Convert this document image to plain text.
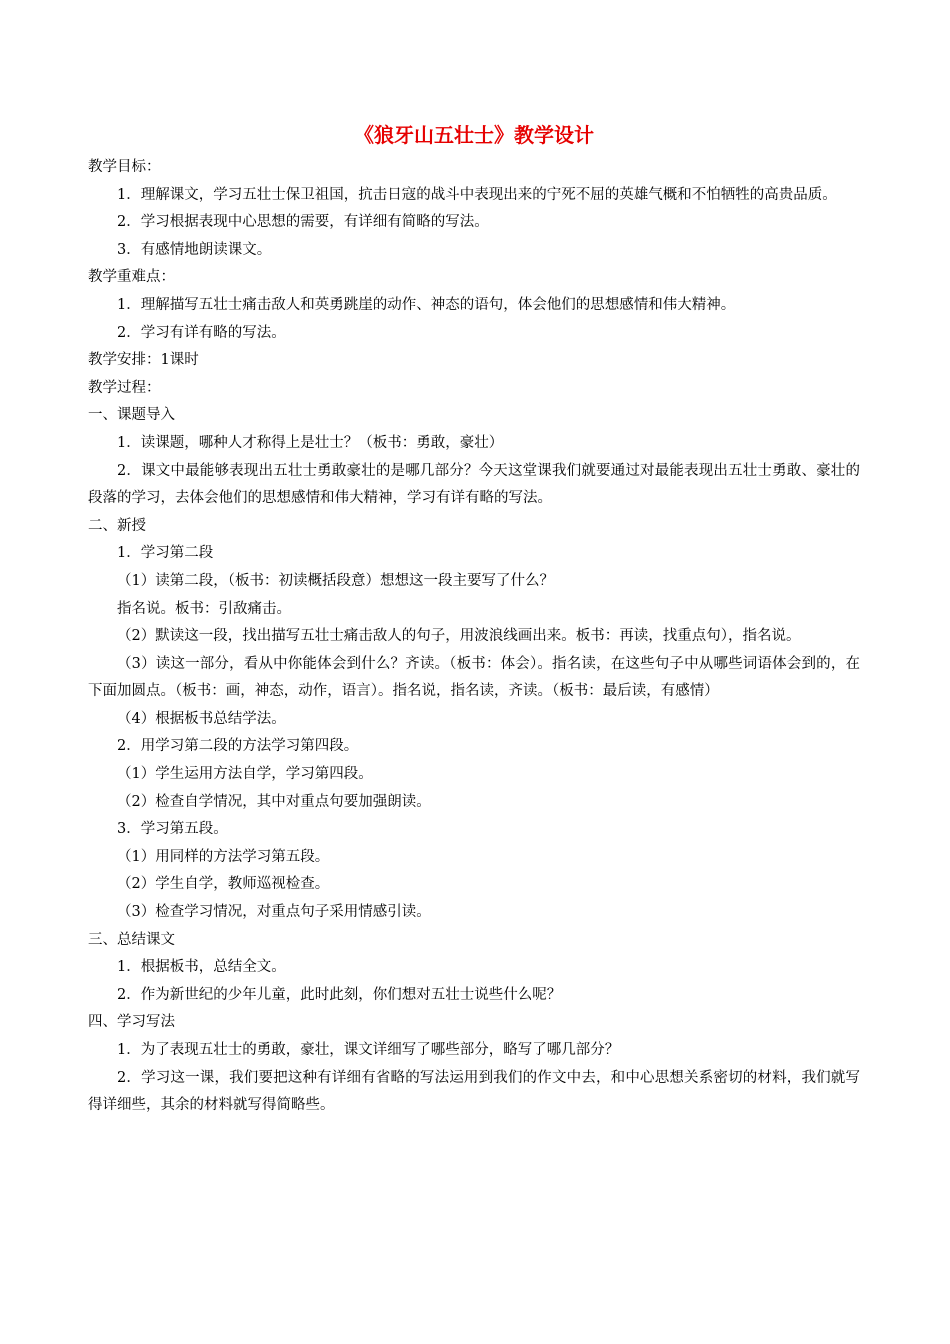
《狼牙山五壮士》教学设计

教学目标：

1．理解课文，学习五壮士保卫祖国，抗击日寇的战斗中表现出来的宁死不屈的英雄气概和不怕牺牲的高贵品质。

2．学习根据表现中心思想的需要，有详细有简略的写法。

3．有感情地朗读课文。

教学重难点：

1．理解描写五壮士痛击敌人和英勇跳崖的动作、神态的语句，体会他们的思想感情和伟大精神。

2．学习有详有略的写法。

教学安排：1课时

教学过程：

一、课题导入

1．读课题，哪种人才称得上是壮士？（板书：勇敢，豪壮）

2．课文中最能够表现出五壮士勇敢豪壮的是哪几部分？今天这堂课我们就要通过对最能表现出五壮士勇敢、豪壮的段落的学习，去体会他们的思想感情和伟大精神，学习有详有略的写法。

二、新授

1．学习第二段

（1）读第二段，（板书：初读概括段意）想想这一段主要写了什么？

指名说。板书：引敌痛击。

（2）默读这一段，找出描写五壮士痛击敌人的句子，用波浪线画出来。板书：再读，找重点句），指名说。

（3）读这一部分，看从中你能体会到什么？齐读。（板书：体会）。指名读，在这些句子中从哪些词语体会到的，在下面加圆点。（板书：画，神态，动作，语言）。指名说，指名读，齐读。（板书：最后读，有感情）

（4）根据板书总结学法。

2．用学习第二段的方法学习第四段。

（1）学生运用方法自学，学习第四段。

（2）检查自学情况，其中对重点句要加强朗读。

3．学习第五段。

（1）用同样的方法学习第五段。

（2）学生自学，教师巡视检查。

（3）检查学习情况，对重点句子采用情感引读。

三、总结课文

1．根据板书，总结全文。

2．作为新世纪的少年儿童，此时此刻，你们想对五壮士说些什么呢？

四、学习写法

1．为了表现五壮士的勇敢，豪壮，课文详细写了哪些部分，略写了哪几部分？

2．学习这一课，我们要把这种有详细有省略的写法运用到我们的作文中去，和中心思想关系密切的材料，我们就写得详细些，其余的材料就写得简略些。
